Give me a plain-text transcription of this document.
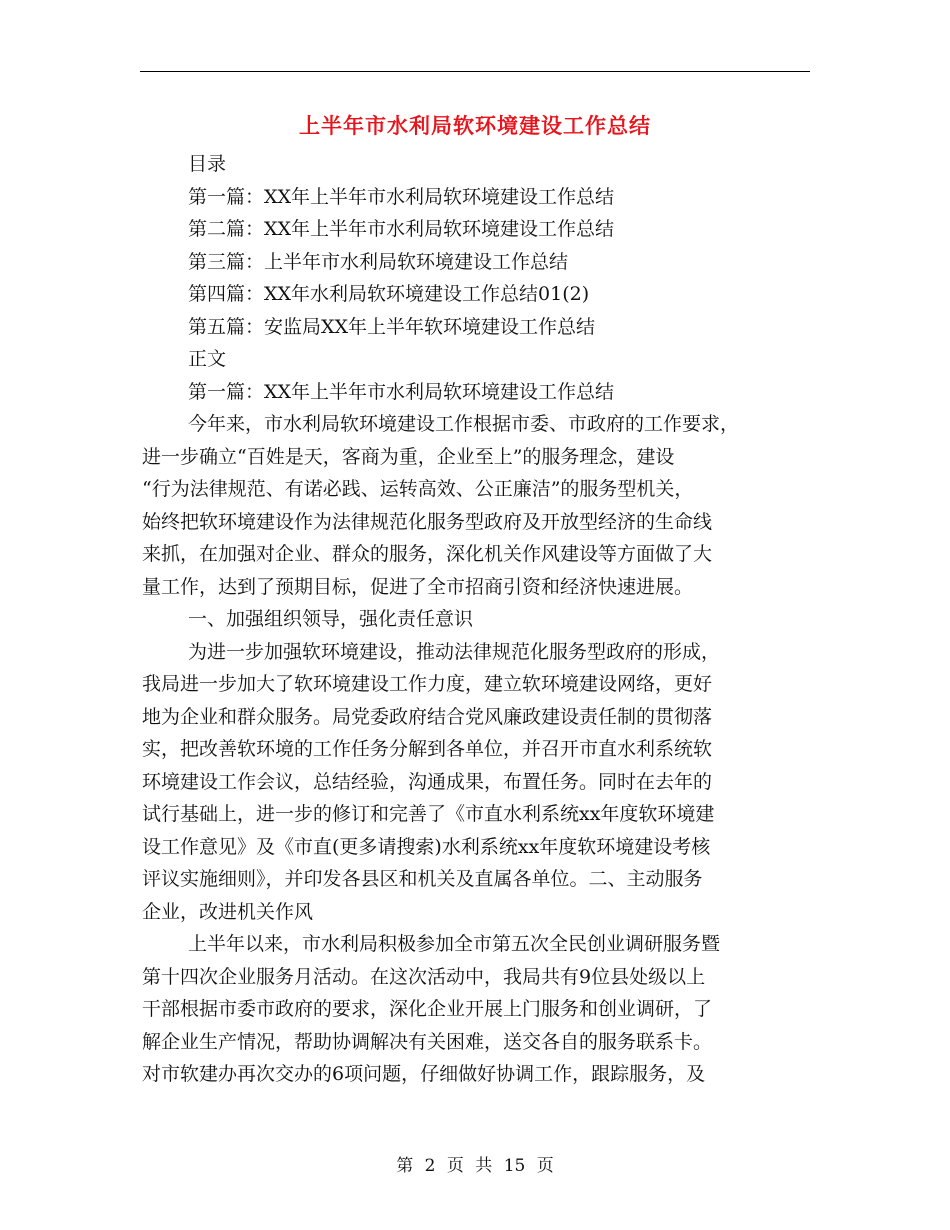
上半年市水利局软环境建设工作总结
目录
第一篇：XX年上半年市水利局软环境建设工作总结
第二篇：XX年上半年市水利局软环境建设工作总结
第三篇：上半年市水利局软环境建设工作总结
第四篇：XX年水利局软环境建设工作总结01(2)
第五篇：安监局XX年上半年软环境建设工作总结
正文
第一篇：XX年上半年市水利局软环境建设工作总结
今年来，市水利局软环境建设工作根据市委、市政府的工作要求，
进一步确立“百姓是天，客商为重，企业至上”的服务理念，建设
“行为法律规范、有诺必践、运转高效、公正廉洁”的服务型机关，
始终把软环境建设作为法律规范化服务型政府及开放型经济的生命线
来抓，在加强对企业、群众的服务，深化机关作风建设等方面做了大
量工作，达到了预期目标，促进了全市招商引资和经济快速进展。
一、加强组织领导，强化责任意识
为进一步加强软环境建设，推动法律规范化服务型政府的形成，
我局进一步加大了软环境建设工作力度，建立软环境建设网络，更好
地为企业和群众服务。局党委政府结合党风廉政建设责任制的贯彻落
实，把改善软环境的工作任务分解到各单位，并召开市直水利系统软
环境建设工作会议，总结经验，沟通成果，布置任务。同时在去年的
试行基础上，进一步的修订和完善了《市直水利系统xx年度软环境建
设工作意见》及《市直(更多请搜索)水利系统xx年度软环境建设考核
评议实施细则》，并印发各县区和机关及直属各单位。二、主动服务
企业，改进机关作风
上半年以来，市水利局积极参加全市第五次全民创业调研服务暨
第十四次企业服务月活动。在这次活动中，我局共有9位县处级以上
干部根据市委市政府的要求，深化企业开展上门服务和创业调研，了
解企业生产情况，帮助协调解决有关困难，送交各自的服务联系卡。
对市软建办再次交办的6项问题，仔细做好协调工作，跟踪服务，及
第 2 页 共 15 页
